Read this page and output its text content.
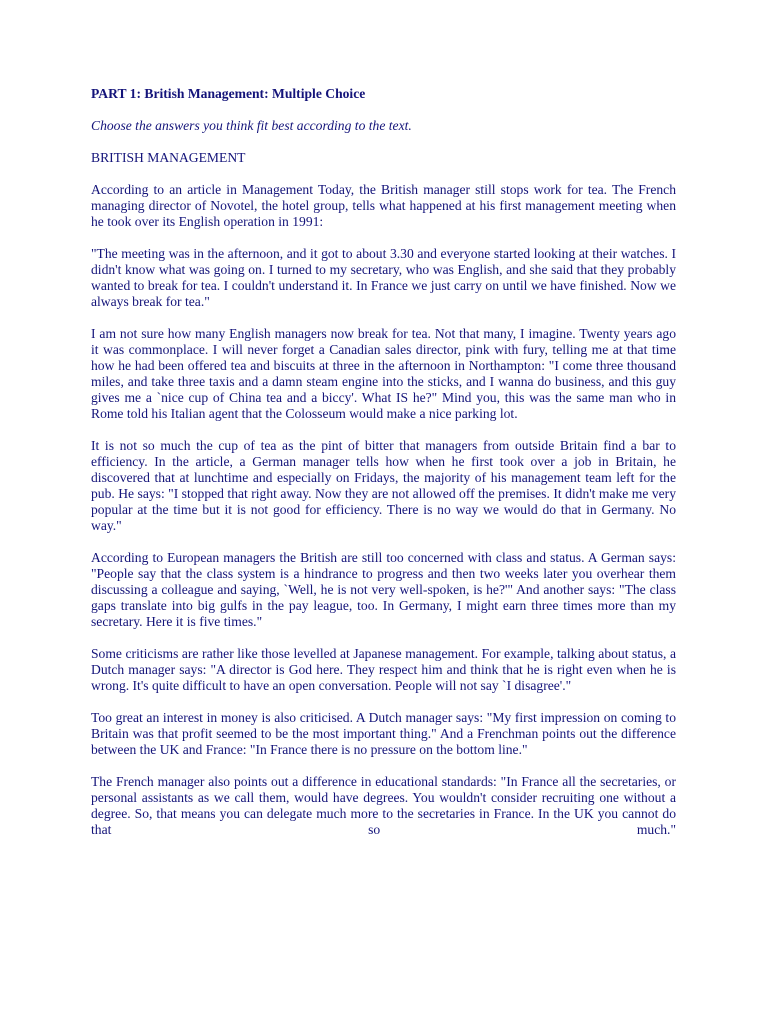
PART 1: British Management: Multiple Choice
Choose the answers you think fit best according to the text.
BRITISH MANAGEMENT

According to an article in Management Today, the British manager still stops work for tea. The French managing director of Novotel, the hotel group, tells what happened at his first management meeting when he took over its English operation in 1991:

"The meeting was in the afternoon, and it got to about 3.30 and everyone started looking at their watches. I didn't know what was going on. I turned to my secretary, who was English, and she said that they probably wanted to break for tea. I couldn't understand it. In France we just carry on until we have finished. Now we always break for tea."

I am not sure how many English managers now break for tea. Not that many, I imagine. Twenty years ago it was commonplace. I will never forget a Canadian sales director, pink with fury, telling me at that time how he had been offered tea and biscuits at three in the afternoon in Northampton: "I come three thousand miles, and take three taxis and a damn steam engine into the sticks, and I wanna do business, and this guy gives me a `nice cup of China tea and a biccy'. What IS he?" Mind you, this was the same man who in Rome told his Italian agent that the Colosseum would make a nice parking lot.

It is not so much the cup of tea as the pint of bitter that managers from outside Britain find a bar to efficiency. In the article, a German manager tells how when he first took over a job in Britain, he discovered that at lunchtime and especially on Fridays, the majority of his management team left for the pub. He says: "I stopped that right away. Now they are not allowed off the premises. It didn't make me very popular at the time but it is not good for efficiency. There is no way we would do that in Germany. No way."

According to European managers the British are still too concerned with class and status. A German says: "People say that the class system is a hindrance to progress and then two weeks later you overhear them discussing a colleague and saying, `Well, he is not very well-spoken, is he?'" And another says: "The class gaps translate into big gulfs in the pay league, too. In Germany, I might earn three times more than my secretary. Here it is five times."

Some criticisms are rather like those levelled at Japanese management. For example, talking about status, a Dutch manager says: "A director is God here. They respect him and think that he is right even when he is wrong. It's quite difficult to have an open conversation. People will not say `I disagree'."

Too great an interest in money is also criticised. A Dutch manager says: "My first impression on coming to Britain was that profit seemed to be the most important thing." And a Frenchman points out the difference between the UK and France: "In France there is no pressure on the bottom line."

The French manager also points out a difference in educational standards: "In France all the secretaries, or personal assistants as we call them, would have degrees. You wouldn't consider recruiting one without a degree. So, that means you can delegate much more to the secretaries in France. In the UK you cannot do that so much."
